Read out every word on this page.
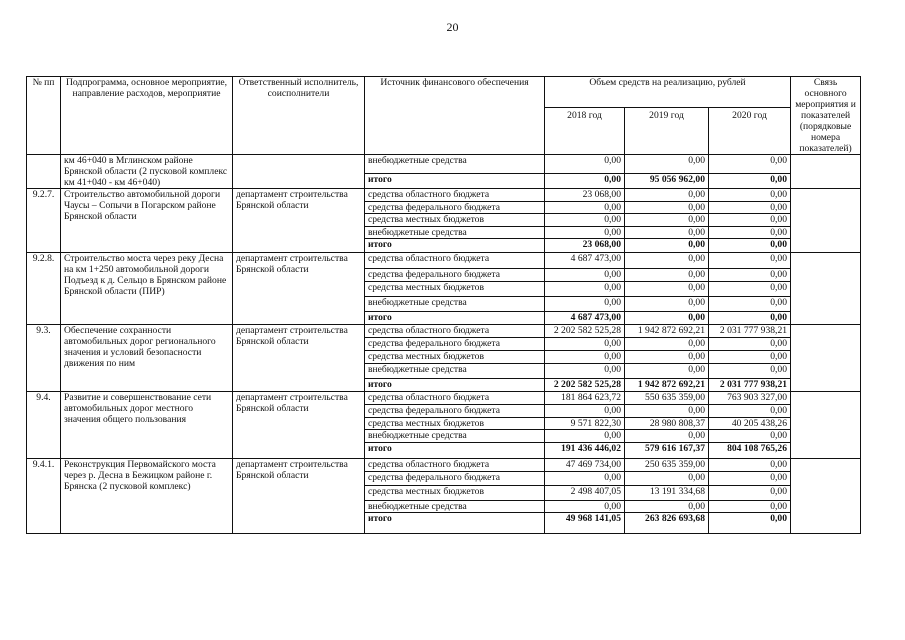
20
№ пп	Подпрограмма, основное мероприятие, направление расходов, мероприятие	Ответственный исполнитель, соисполнители	Источник финансового обеспечения	Объем средств на реализацию, рублей			Связь основного мероприятия и показателей (порядковые номера показателей)
				2018 год	2019 год	2020 год	
	км 46+040 в Мглинском районе Брянской области (2 пусковой комплекс км 41+040 - км 46+040)		внебюджетные средства	0,00	0,00	0,00	
			итого	0,00	95 056 962,00	0,00	
9.2.7.	Строительство автомобильной дороги Чаусы – Сопычи в Погарском районе Брянской области	департамент строительства Брянской области	средства областного бюджета	23 068,00	0,00	0,00	
			средства федерального бюджета	0,00	0,00	0,00	
			средства местных бюджетов	0,00	0,00	0,00	
			внебюджетные средства	0,00	0,00	0,00	
			итого	23 068,00	0,00	0,00	
9.2.8.	Строительство моста через реку Десна на км 1+250 автомобильной дороги Подъезд к д. Сельцо в Брянском районе Брянской области (ПИР)	департамент строительства Брянской области	средства областного бюджета	4 687 473,00	0,00	0,00	
			средства федерального бюджета	0,00	0,00	0,00	
			средства местных бюджетов	0,00	0,00	0,00	
			внебюджетные средства	0,00	0,00	0,00	
			итого	4 687 473,00	0,00	0,00	
9.3.	Обеспечение сохранности автомобильных дорог регионального значения и условий безопасности движения по ним	департамент строительства Брянской области	средства областного бюджета	2 202 582 525,28	1 942 872 692,21	2 031 777 938,21	
			средства федерального бюджета	0,00	0,00	0,00	
			средства местных бюджетов	0,00	0,00	0,00	
			внебюджетные средства	0,00	0,00	0,00	
			итого	2 202 582 525,28	1 942 872 692,21	2 031 777 938,21	
9.4.	Развитие и совершенствование сети автомобильных дорог местного значения общего пользования	департамент строительства Брянской области	средства областного бюджета	181 864 623,72	550 635 359,00	763 903 327,00	
			средства федерального бюджета	0,00	0,00	0,00	
			средства местных бюджетов	9 571 822,30	28 980 808,37	40 205 438,26	
			внебюджетные средства	0,00	0,00	0,00	
			итого	191 436 446,02	579 616 167,37	804 108 765,26	
9.4.1.	Реконструкция Первомайского моста через р. Десна в Бежицком районе г. Брянска (2 пусковой комплекс)	департамент строительства Брянской области	средства областного бюджета	47 469 734,00	250 635 359,00	0,00	
			средства федерального бюджета	0,00	0,00	0,00	
			средства местных бюджетов	2 498 407,05	13 191 334,68	0,00	
			внебюджетные средства	0,00	0,00	0,00	
			итого	49 968 141,05	263 826 693,68	0,00	
